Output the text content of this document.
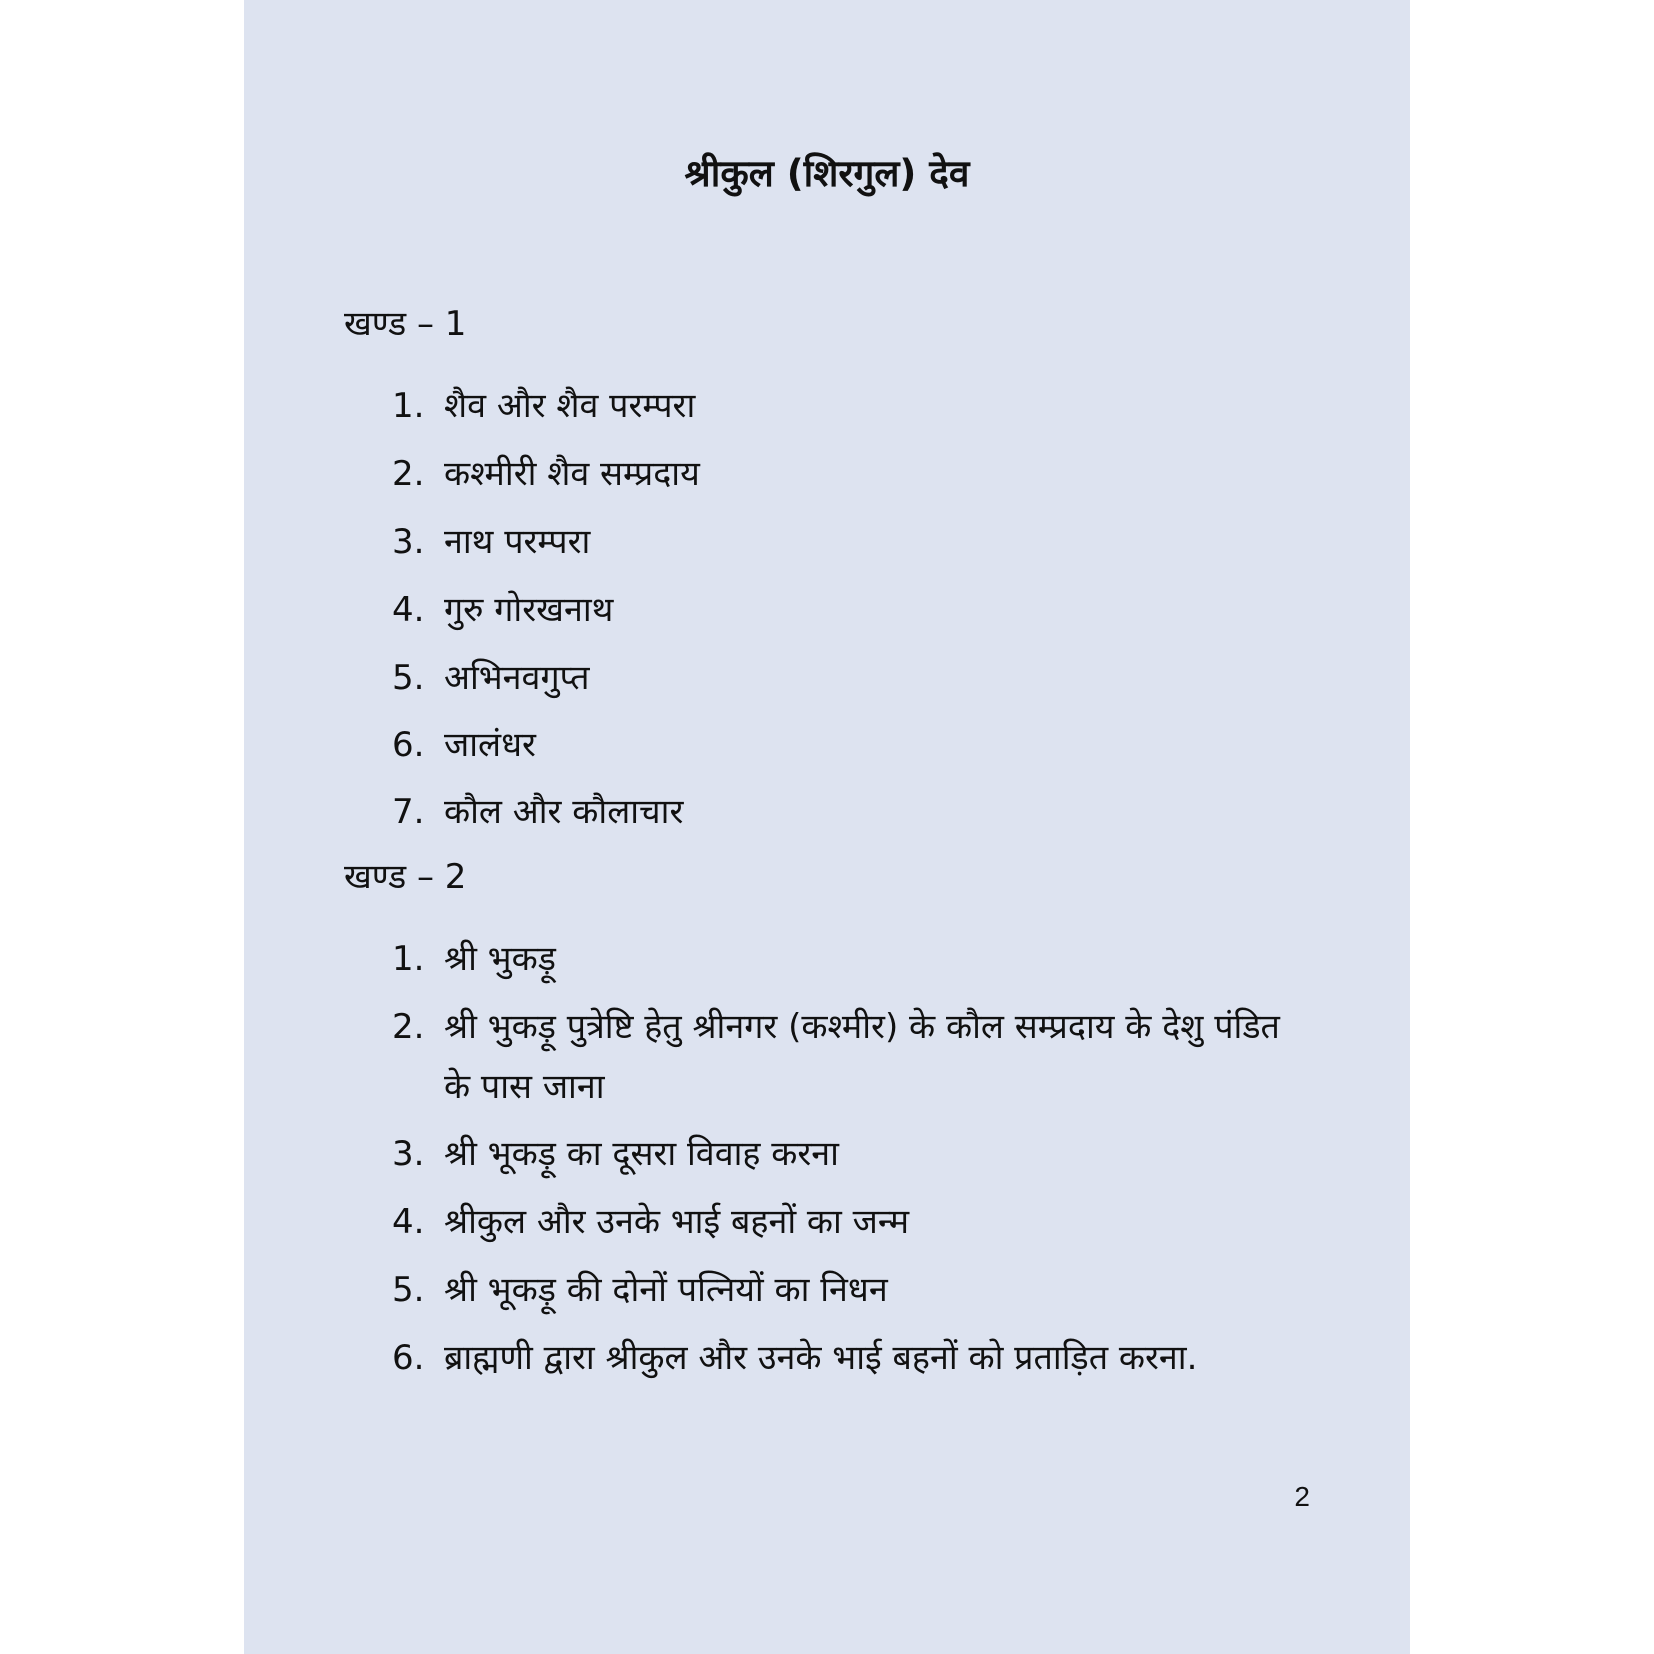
श्रीकुल (शिरगुल) देव
खण्ड – 1
1. शैव और शैव परम्परा
2. कश्मीरी शैव सम्प्रदाय
3. नाथ परम्परा
4. गुरु गोरखनाथ
5. अभिनवगुप्त
6. जालंधर
7. कौल और कौलाचार
खण्ड – 2
1. श्री भुकड़ू
2. श्री भुकड़ू पुत्रेष्टि हेतु श्रीनगर (कश्मीर) के कौल सम्प्रदाय के देशु पंडित के पास जाना
3. श्री भूकड़ू का दूसरा विवाह करना
4. श्रीकुल और उनके भाई बहनों का जन्म
5. श्री भूकड़ू की दोनों पत्नियों का निधन
6. ब्राह्मणी द्वारा श्रीकुल और उनके भाई बहनों को प्रताड़ित करना.
2
